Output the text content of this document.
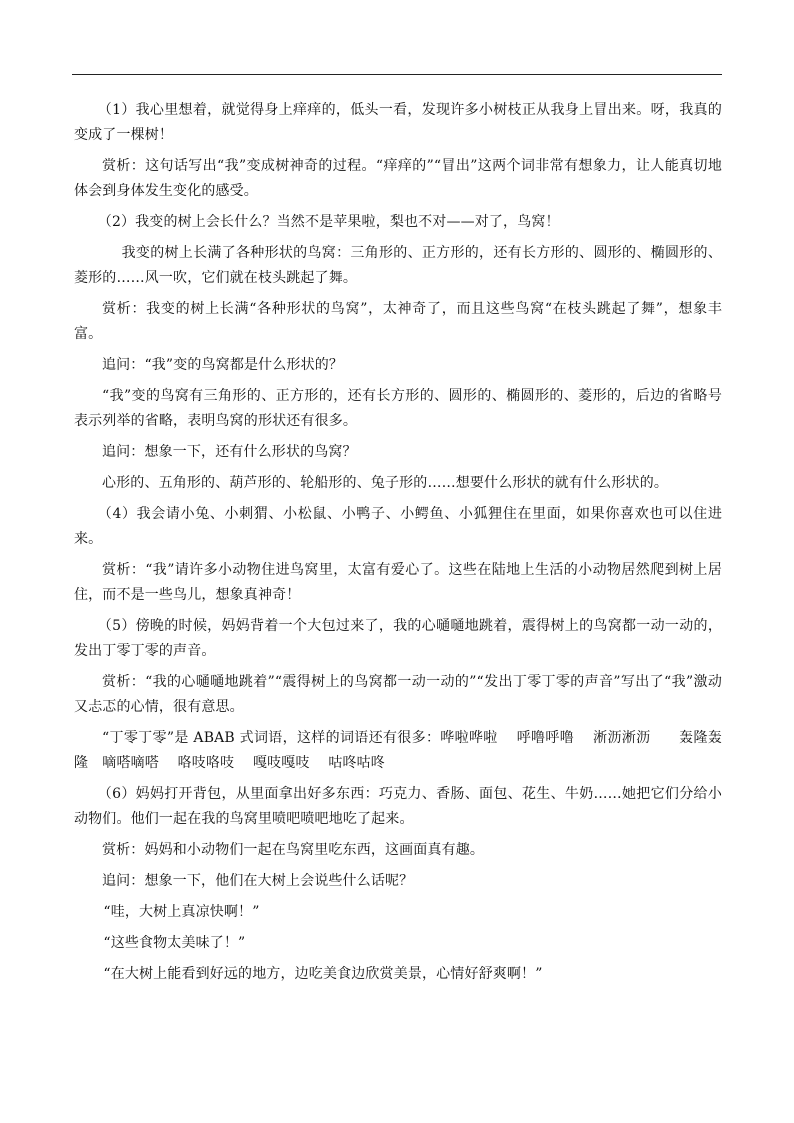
（1）我心里想着，就觉得身上痒痒的，低头一看，发现许多小树枝正从我身上冒出来。呀，我真的变成了一棵树！

赏析：这句话写出“我”变成树神奇的过程。“痒痒的”“冒出”这两个词非常有想象力，让人能真切地体会到身体发生变化的感受。

（2）我变的树上会长什么？当然不是苹果啦，梨也不对——对了，鸟窝！

我变的树上长满了各种形状的鸟窝：三角形的、正方形的，还有长方形的、圆形的、椭圆形的、菱形的……风一吹，它们就在枝头跳起了舞。

赏析：我变的树上长满“各种形状的鸟窝”，太神奇了，而且这些鸟窝“在枝头跳起了舞”，想象丰富。

追问：“我”变的鸟窝都是什么形状的？

“我”变的鸟窝有三角形的、正方形的，还有长方形的、圆形的、椭圆形的、菱形的，后边的省略号表示列举的省略，表明鸟窝的形状还有很多。

追问：想象一下，还有什么形状的鸟窝？

心形的、五角形的、葫芦形的、轮船形的、兔子形的……想要什么形状的就有什么形状的。

（4）我会请小兔、小刺猬、小松鼠、小鸭子、小鳄鱼、小狐狸住在里面，如果你喜欢也可以住进来。

赏析：“我”请许多小动物住进鸟窝里，太富有爱心了。这些在陆地上生活的小动物居然爬到树上居住，而不是一些鸟儿，想象真神奇！

（5）傍晚的时候，妈妈背着一个大包过来了，我的心嗵嗵地跳着，震得树上的鸟窝都一动一动的，发出丁零丁零的声音。

赏析：“我的心嗵嗵地跳着”“震得树上的鸟窝都一动一动的”“发出丁零丁零的声音”写出了“我”激动又忐忑的心情，很有意思。

“丁零丁零”是 ABAB 式词语，这样的词语还有很多：哗啦哗啦　 呼噜呼噜　 淅沥淅沥　　轰隆轰隆　嘀嗒嘀嗒　 咯吱咯吱　 嘎吱嘎吱　 咕咚咕咚

（6）妈妈打开背包，从里面拿出好多东西：巧克力、香肠、面包、花生、牛奶……她把它们分给小动物们。他们一起在我的鸟窝里喷吧喷吧地吃了起来。

赏析：妈妈和小动物们一起在鸟窝里吃东西，这画面真有趣。

追问：想象一下，他们在大树上会说些什么话呢？

“哇，大树上真凉快啊！”

“这些食物太美味了！”

“在大树上能看到好远的地方，边吃美食边欣赏美景，心情好舒爽啊！”
